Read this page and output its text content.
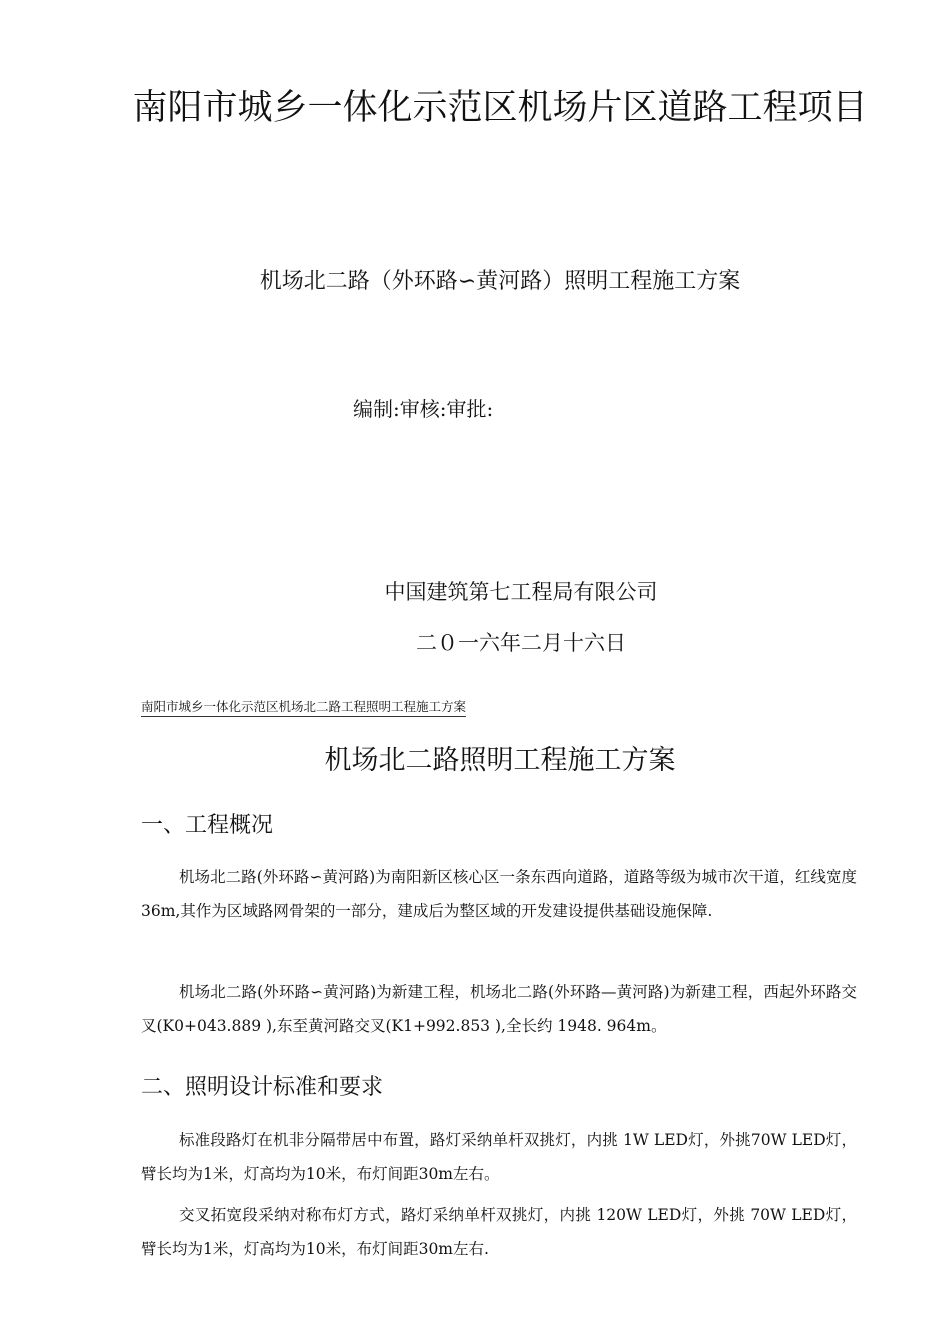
南阳市城乡一体化示范区机场片区道路工程项目
机场北二路（外环路∽黄河路）照明工程施工方案
编制:审核:审批:
中国建筑第七工程局有限公司
二０一六年二月十六日
南阳市城乡一体化示范区机场北二路工程照明工程施工方案
机场北二路照明工程施工方案
一、工程概况
机场北二路(外环路∽黄河路)为南阳新区核心区一条东西向道路，道路等级为城市次干道，红线宽度36m,其作为区域路网骨架的一部分，建成后为整区域的开发建设提供基础设施保障.
机场北二路(外环路∽黄河路)为新建工程，机场北二路(外环路—黄河路)为新建工程，西起外环路交叉(K0+043.889 ),东至黄河路交叉(K1+992.853 ),全长约 1948. 964m。
二、照明设计标准和要求
标准段路灯在机非分隔带居中布置，路灯采纳单杆双挑灯，内挑 1W LED灯，外挑70W LED灯，臂长均为1米，灯高均为10米，布灯间距30m左右。
交叉拓宽段采纳对称布灯方式，路灯采纳单杆双挑灯，内挑 120W LED灯，外挑 70W LED灯，臂长均为1米，灯高均为10米，布灯间距30m左右.
